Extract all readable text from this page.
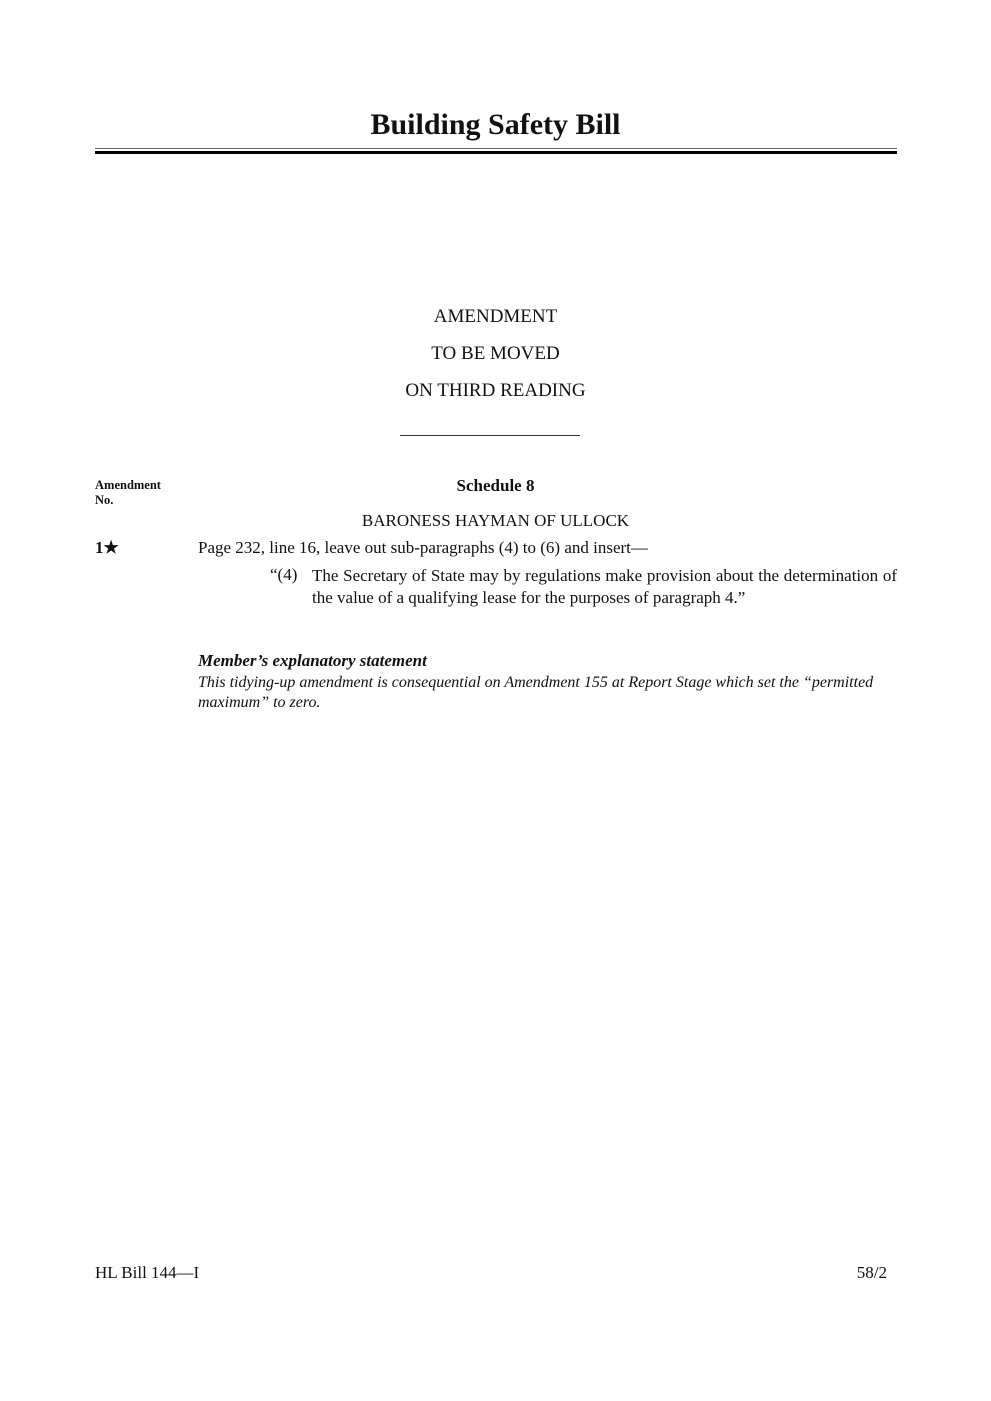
Building Safety Bill
AMENDMENT
TO BE MOVED
ON THIRD READING
Amendment
No.
Schedule 8
BARONESS HAYMAN OF ULLOCK
1★	Page 232, line 16, leave out sub-paragraphs (4) to (6) and insert—
“(4) The Secretary of State may by regulations make provision about the determination of the value of a qualifying lease for the purposes of paragraph 4.”
Member’s explanatory statement
This tidying-up amendment is consequential on Amendment 155 at Report Stage which set the “permitted maximum” to zero.
HL Bill 144—I	58/2
